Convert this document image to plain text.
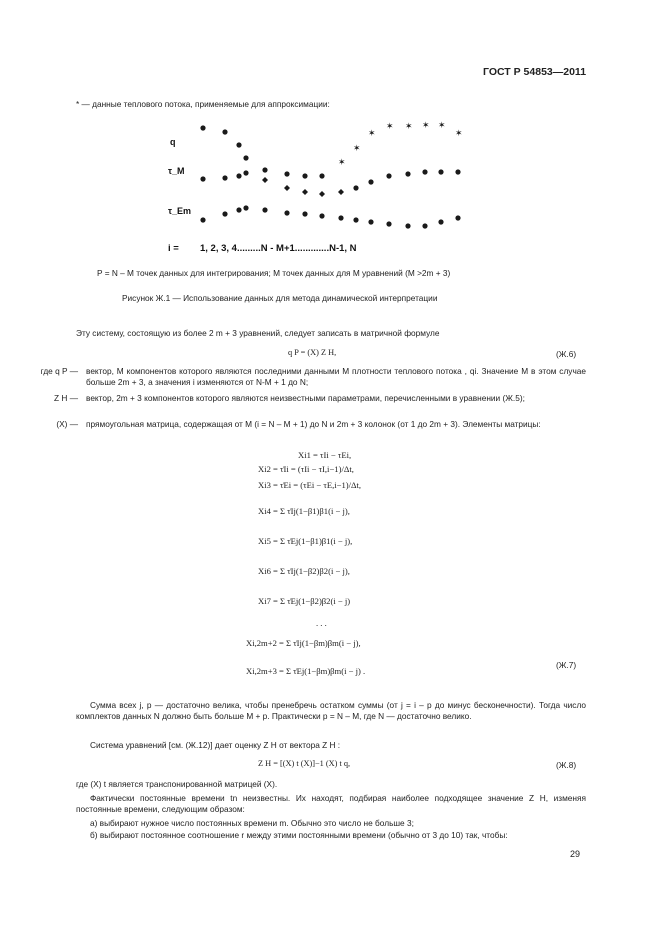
ГОСТ Р 54853—2011
* — данные теплового потока, применяемые для аппроксимации:
q
τ_M
τ_Em
✶
✶
✶
✶ ✶ ✶ ✶
✶
i = 1, 2, 3, 4.........N - M+1.............N-1, N
P = N – M точек данных для интегрирования; M точек данных для M уравнений (M >2m + 3)
Рисунок Ж.1 — Использование данных для метода динамической интерпретации
Эту систему, состоящую из более 2 m + 3 уравнений, следует записать в матричной формуле
q P = (X) Z H,	(Ж.6)
где q P — вектор, M компонентов которого являются последними данными M плотности теплового потока , qi. Значение M в этом случае больше 2m + 3, а значения i изменяются от N-M + 1 до N;
Z H — вектор, 2m + 3 компонентов которого являются неизвестными параметрами, перечисленными в уравнении (Ж.5);
(X) — прямоугольная матрица, содержащая от M (i = N – M + 1) до N и 2m + 3 колонок (от 1 до 2m + 3). Элементы матрицы:
Xi1 = τIi − τEi,
Xi2 = τ̇Ii = (τIi − τI,i−1)/Δt,
Xi3 = τ̇Ei = (τEi − τE,i−1)/Δt,
Xi4 = Σ τ̇Ij(1−β1)β1(i − j),
Xi5 = Σ τ̇Ej(1−β1)β1(i − j),
Xi6 = Σ τ̇Ij(1−β2)β2(i − j),
Xi7 = Σ τ̇Ej(1−β2)β2(i − j)
. . .
Xi,2m+2 = Σ τ̇Ij(1−βm)βm(i − j),
Xi,2m+3 = Σ τ̇Ej(1−βm)βm(i − j) .
(Ж.7)
Сумма всех j, p — достаточно велика, чтобы пренебречь остатком суммы (от j = i – p до минус бесконечности). Тогда число комплектов данных N должно быть больше M + p. Практически p = N – M, где N — достаточно велико.
Система уравнений [см. (Ж.12)] дает оценку Z H от вектора Z H :
Z H = [(X) t (X)]−1 (X) t q,	(Ж.8)
где (X) t является транспонированной матрицей (X).
Фактически постоянные времени tn неизвестны. Их находят, подбирая наиболее подходящее значение Z H, изменяя постоянные времени, следующим образом:
а) выбирают нужное число постоянных времени m. Обычно это число не больше 3;
б) выбирают постоянное соотношение r между этими постоянными времени (обычно от 3 до 10) так, чтобы:
29
